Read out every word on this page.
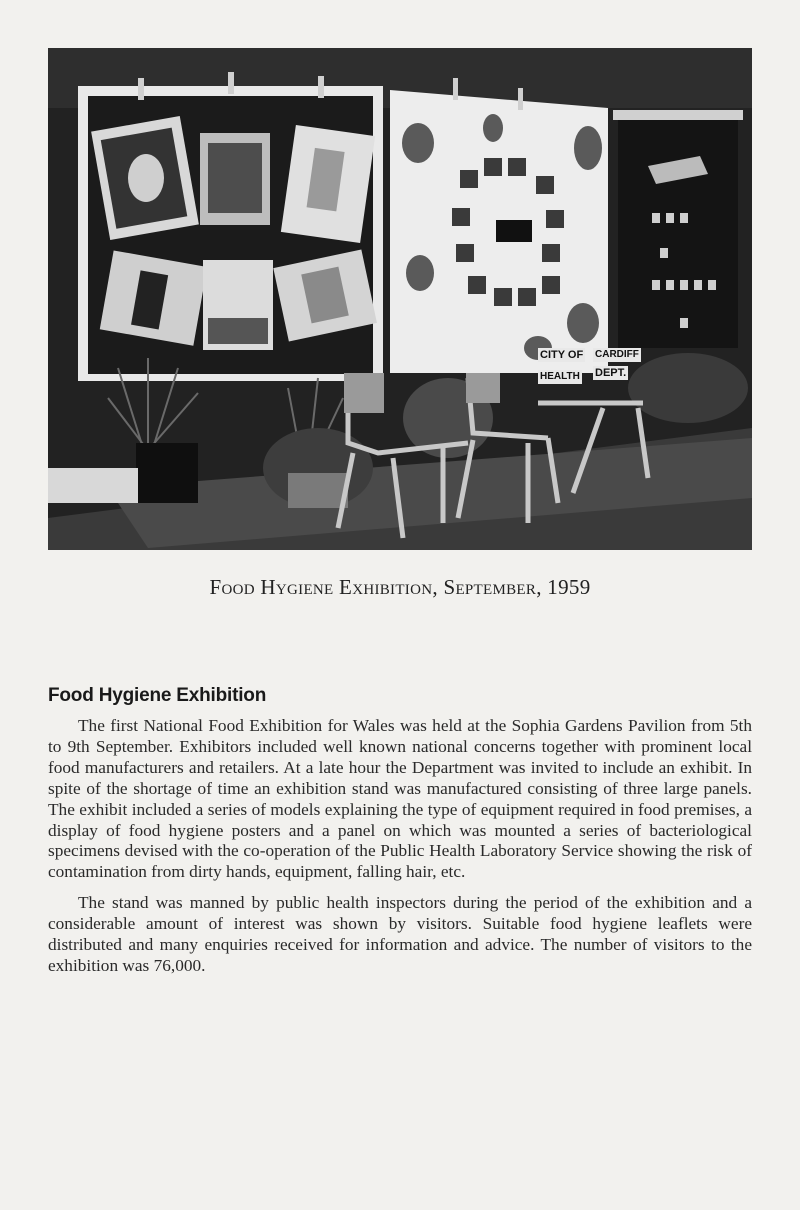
CITY OF CARDIFF
HEALTH DEPT.
Food Hygiene Exhibition, September, 1959
Food Hygiene Exhibition

The first National Food Exhibition for Wales was held at the Sophia Gardens Pavilion from 5th to 9th September. Exhibitors included well known national concerns together with prominent local food manufacturers and retailers. At a late hour the Department was invited to include an exhibit. In spite of the shortage of time an exhibition stand was manufactured consisting of three large panels. The exhibit included a series of models explaining the type of equipment required in food premises, a display of food hygiene posters and a panel on which was mounted a series of bacteriological specimens devised with the co-operation of the Public Health Laboratory Service showing the risk of contamination from dirty hands, equipment, falling hair, etc.

The stand was manned by public health inspectors during the period of the exhibition and a considerable amount of interest was shown by visitors. Suitable food hygiene leaflets were distributed and many enquiries received for information and advice. The number of visitors to the exhibition was 76,000.
